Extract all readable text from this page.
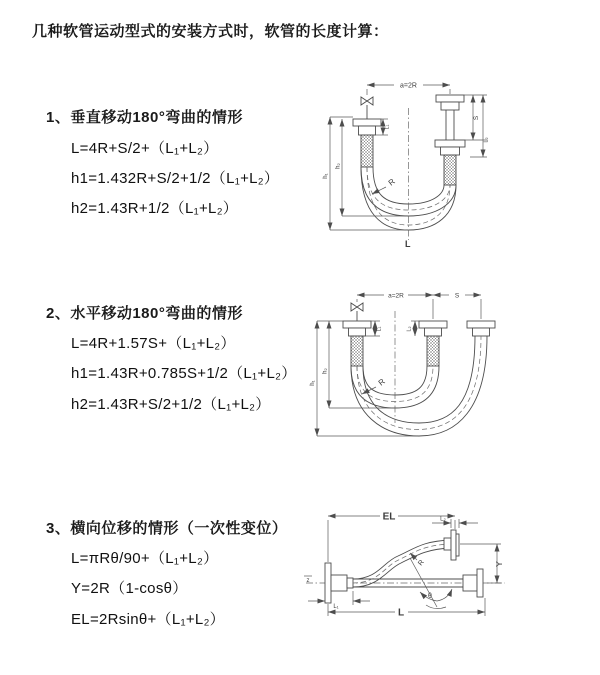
几种软管运动型式的安装方式时，软管的长度计算：
1、垂直移动180°弯曲的情形
L=4R+S/2+（L₁+L₂）
h1=1.432R+S/2+1/2（L₁+L₂）
h2=1.43R+1/2（L₁+L₂）
2、水平移动180°弯曲的情形
L=4R+1.57S+（L₁+L₂）
h1=1.43R+0.785S+1/2（L₁+L₂）
h2=1.43R+S/2+1/2（L₁+L₂）
3、横向位移的情形（一次性变位）
L=πRθ/90+（L₁+L₂）
Y=2R（1-cosθ）
EL=2Rsinθ+（L₁+L₂）
a=2R
h₁
h₂
L₁
S
L₂
R
L
a=2R	S
h₁
h₂
L₁	L₂
R
z
EL	L₂
Y
θ
R
L₁
L
